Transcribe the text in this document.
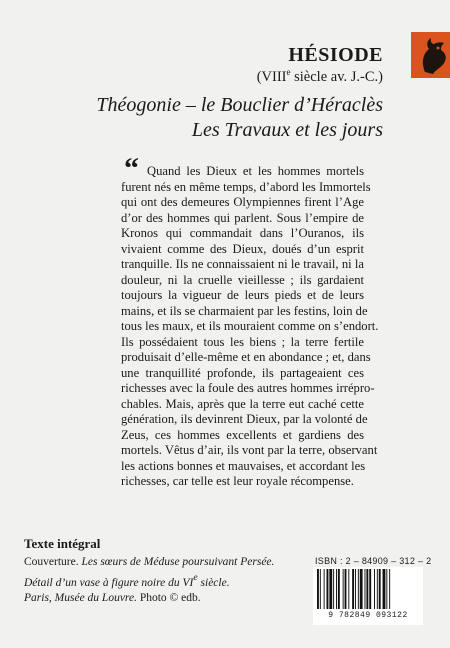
HÉSIODE
(VIIIe siècle av. J.-C.)
Théogonie – le Bouclier d’Héraclès
Les Travaux et les jours
“ Quand les Dieux et les hommes mortels
furent nés en même temps, d’abord les Immortels
qui ont des demeures Olympiennes firent l’Age
d’or des hommes qui parlent. Sous l’empire de
Kronos qui commandait dans l’Ouranos, ils
vivaient comme des Dieux, doués d’un esprit
tranquille. Ils ne connaissaient ni le travail, ni la
douleur, ni la cruelle vieillesse ; ils gardaient
toujours la vigueur de leurs pieds et de leurs
mains, et ils se charmaient par les festins, loin de
tous les maux, et ils mouraient comme on s’endort.
Ils possédaient tous les biens ; la terre fertile
produisait d’elle-même et en abondance ; et, dans
une tranquillité profonde, ils partageaient ces
richesses avec la foule des autres hommes irrépro-
chables. Mais, après que la terre eut caché cette
génération, ils devinrent Dieux, par la volonté de
Zeus, ces hommes excellents et gardiens des
mortels. Vêtus d’air, ils vont par la terre, observant
les actions bonnes et mauvaises, et accordant les
richesses, car telle est leur royale récompense.
Texte intégral
Couverture. Les sœurs de Méduse poursuivant Persée.
Détail d’un vase à figure noire du VIe siècle.
Paris, Musée du Louvre. Photo © edb.
ISBN : 2 – 84909 – 312 – 2
9 782849 093122
